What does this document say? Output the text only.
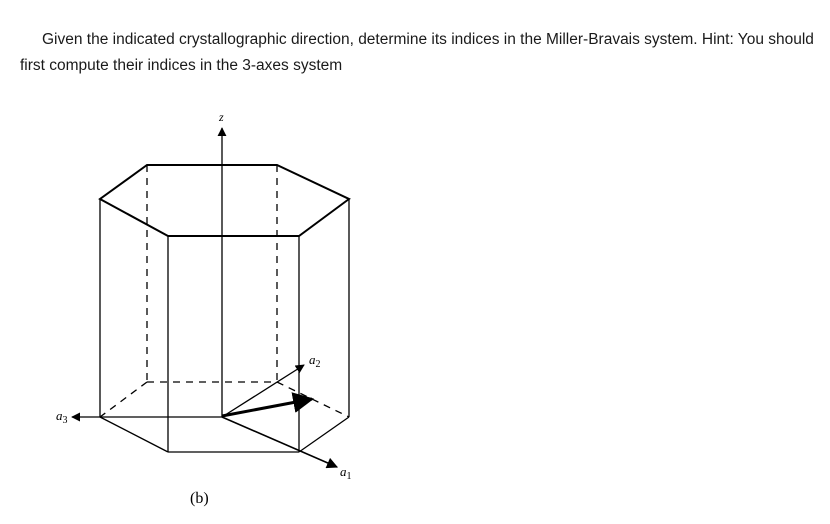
Given the indicated crystallographic direction, determine its indices in the Miller-Bravais system. Hint: You should first compute their indices in the 3-axes system

z
$a_2$
$a_3$
$a_1$
(b)
